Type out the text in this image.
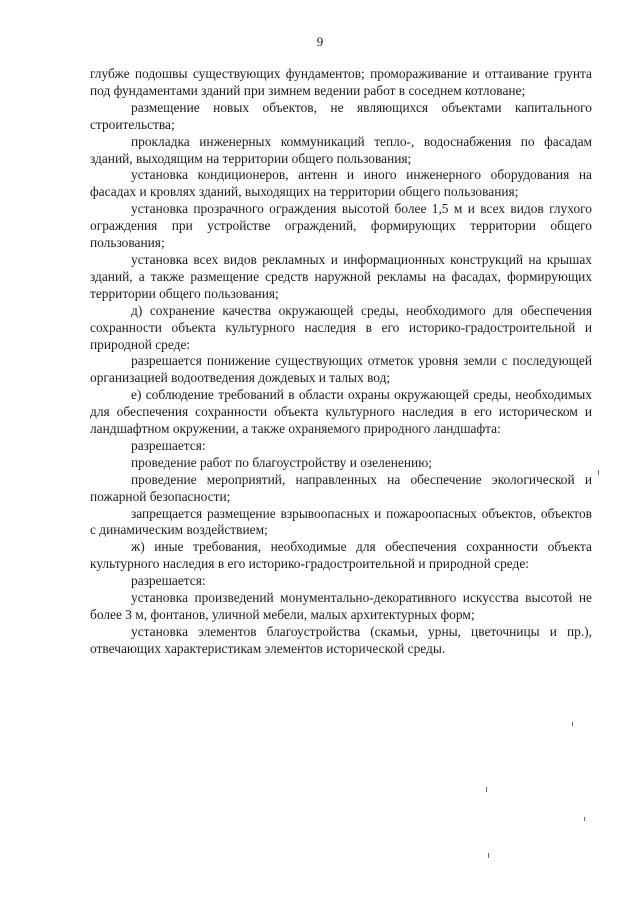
9

глубже подошвы существующих фундаментов; промораживание и оттаивание грунта под фундаментами зданий при зимнем ведении работ в соседнем котловане;

размещение новых объектов, не являющихся объектами капитального строительства;

прокладка инженерных коммуникаций тепло-, водоснабжения по фасадам зданий, выходящим на территории общего пользования;

установка кондиционеров, антенн и иного инженерного оборудования на фасадах и кровлях зданий, выходящих на территории общего пользования;

установка прозрачного ограждения высотой более 1,5 м и всех видов глухого ограждения при устройстве ограждений, формирующих территории общего пользования;

установка всех видов рекламных и информационных конструкций на крышах зданий, а также размещение средств наружной рекламы на фасадах, формирующих территории общего пользования;

д) сохранение качества окружающей среды, необходимого для обеспечения сохранности объекта культурного наследия в его историко-градостроительной и природной среде:

разрешается понижение существующих отметок уровня земли с последующей организацией водоотведения дождевых и талых вод;

е) соблюдение требований в области охраны окружающей среды, необходимых для обеспечения сохранности объекта культурного наследия в его историческом и ландшафтном окружении, а также охраняемого природного ландшафта:

разрешается:

проведение работ по благоустройству и озеленению;

проведение мероприятий, направленных на обеспечение экологической и пожарной безопасности;

запрещается размещение взрывоопасных и пожароопасных объектов, объектов с динамическим воздействием;

ж) иные требования, необходимые для обеспечения сохранности объекта культурного наследия в его историко-градостроительной и природной среде:

разрешается:

установка произведений монументально-декоративного искусства высотой не более 3 м, фонтанов, уличной мебели, малых архитектурных форм;

установка элементов благоустройства (скамьи, урны, цветочницы и пр.), отвечающих характеристикам элементов исторической среды.
